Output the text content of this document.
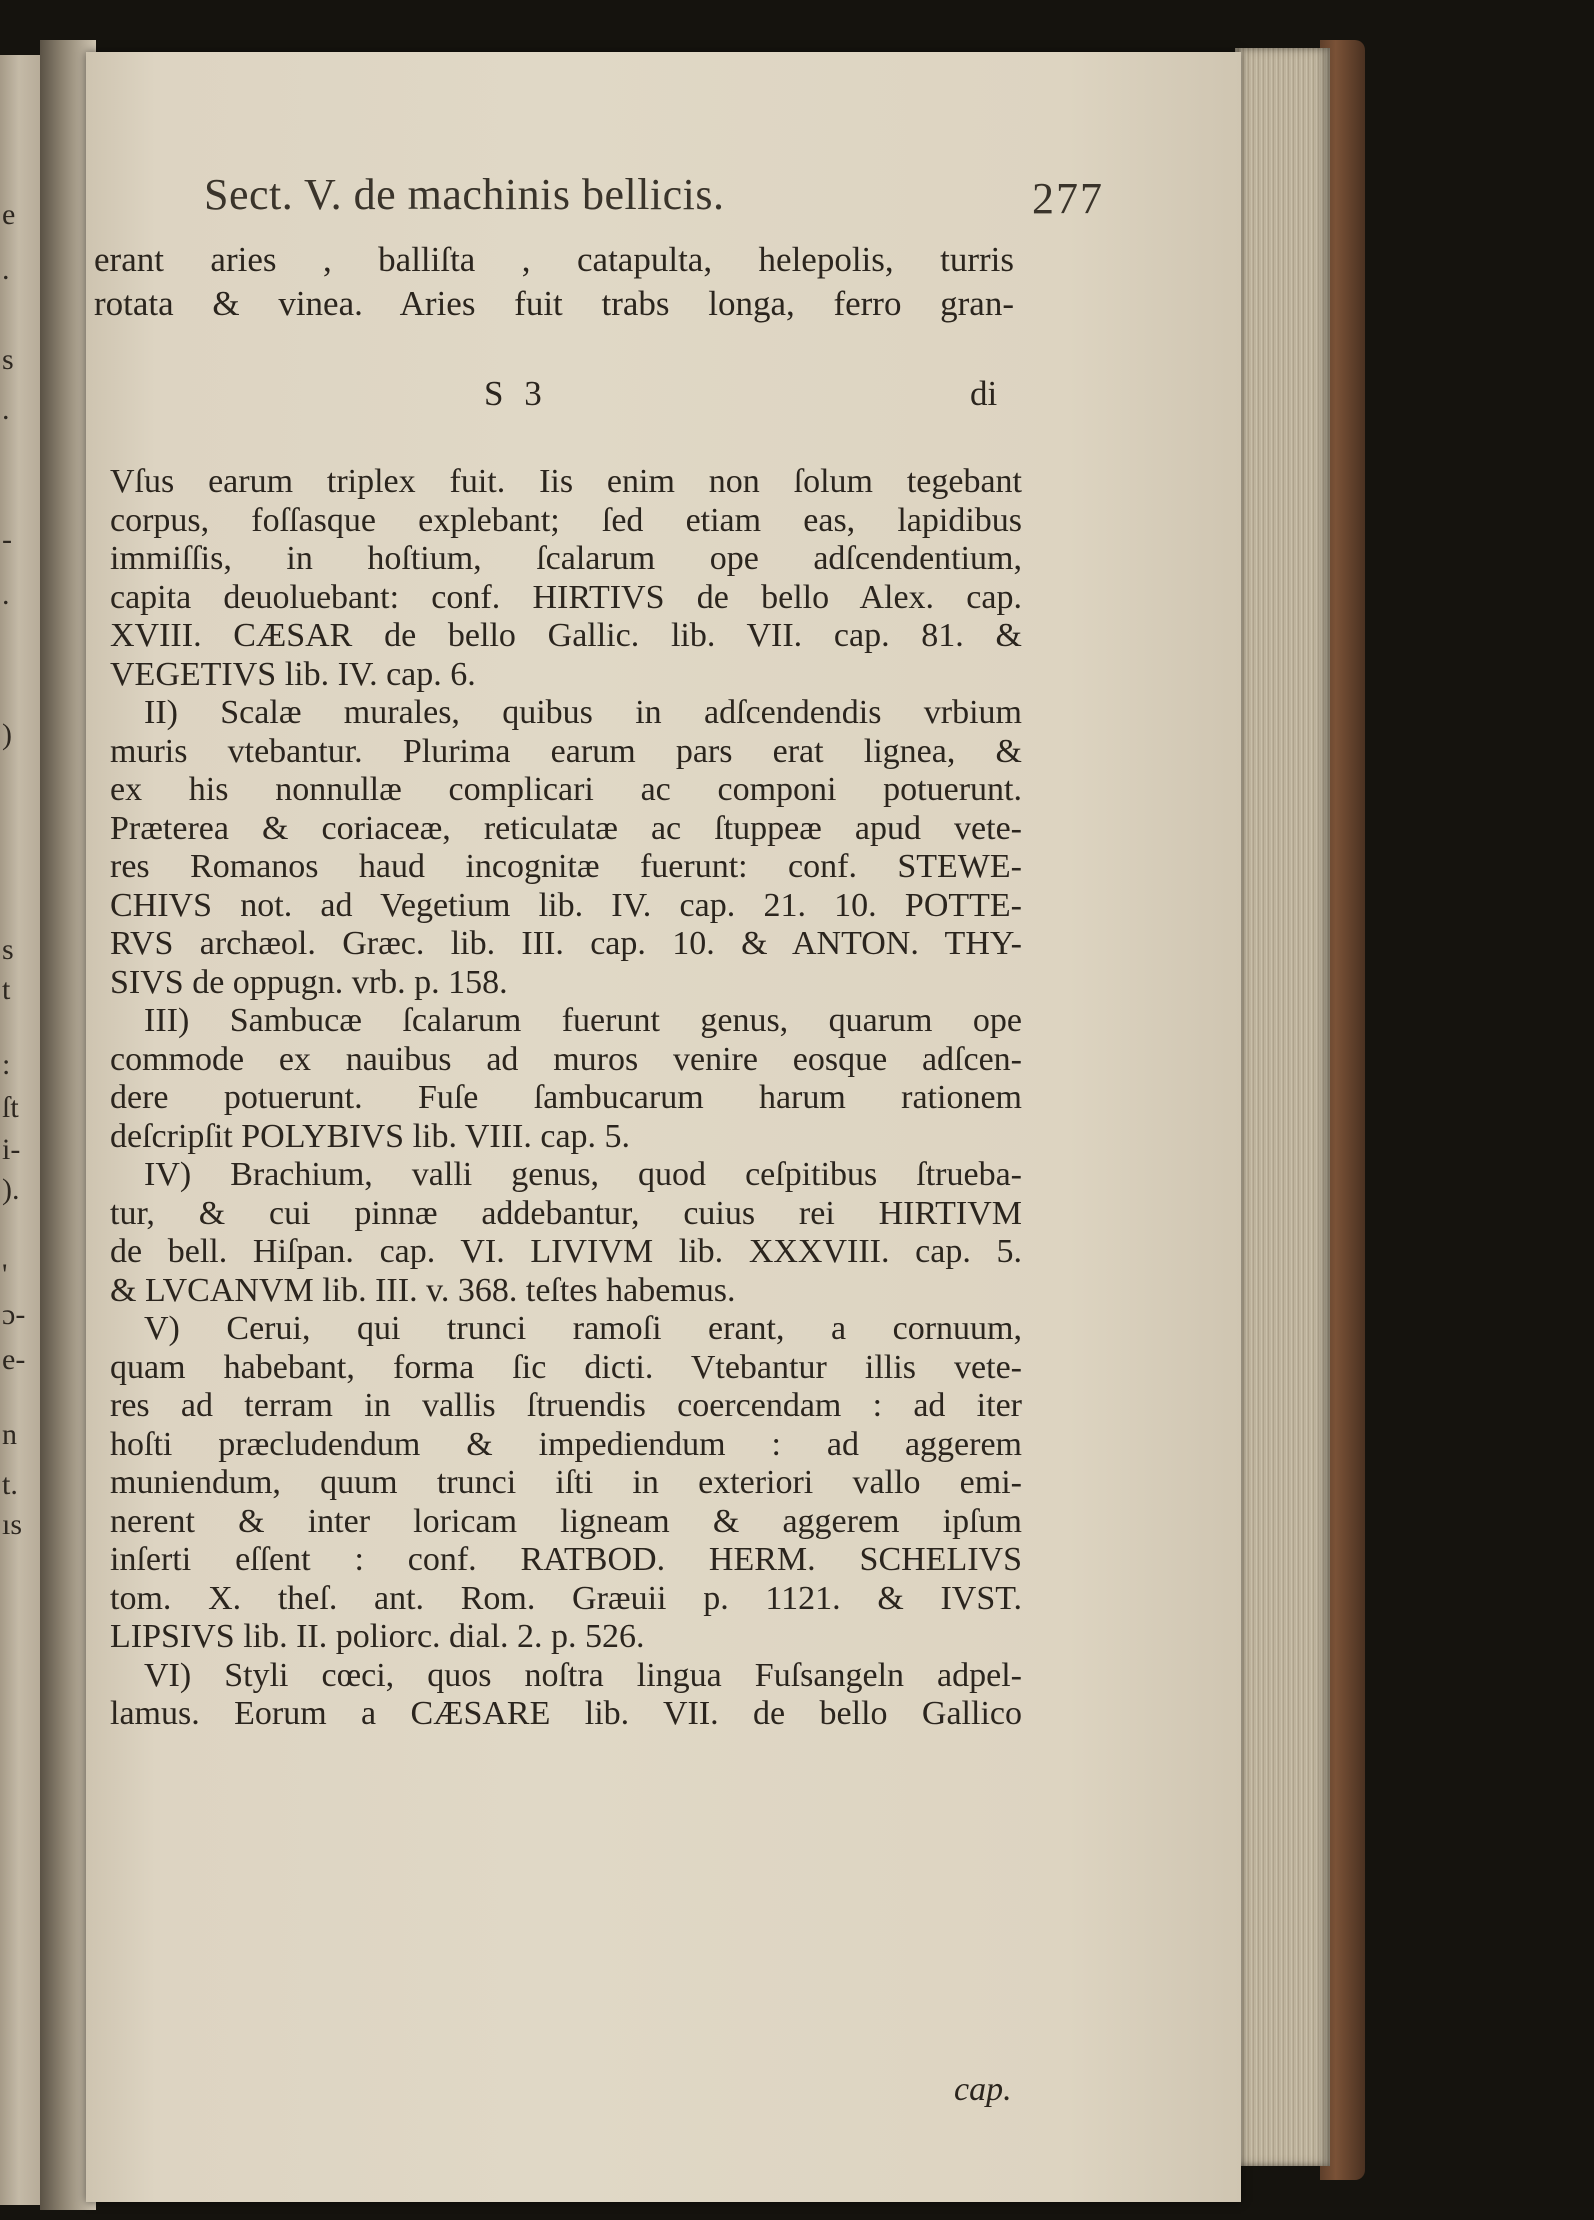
e
.
s
.
-
.
)
s
t
:
ſt
i-
).
'
ɔ-
e-
n
t.
ıs
Sect. V. de machinis bellicis.	277
erant aries , balliſta , catapulta, helepolis, turris
rotata & vinea. Aries fuit trabs longa, ferro gran-
S 3	di
Vſus earum triplex fuit. Iis enim non ſolum tegebant
corpus, foſſasque explebant; ſed etiam eas, lapidibus
immiſſis, in hoſtium, ſcalarum ope adſcendentium,
capita deuoluebant: conf. HIRTIVS de bello Alex. cap.
XVIII. CÆSAR de bello Gallic. lib. VII. cap. 81. &
VEGETIVS lib. IV. cap. 6.
II) Scalæ murales, quibus in adſcendendis vrbium
muris vtebantur. Plurima earum pars erat lignea, &
ex his nonnullæ complicari ac componi potuerunt.
Præterea & coriaceæ, reticulatæ ac ſtuppeæ apud vete-
res Romanos haud incognitæ fuerunt: conf. STEWE-
CHIVS not. ad Vegetium lib. IV. cap. 21. 10. POTTE-
RVS archæol. Græc. lib. III. cap. 10. & ANTON. THY-
SIVS de oppugn. vrb. p. 158.
III) Sambucæ ſcalarum fuerunt genus, quarum ope
commode ex nauibus ad muros venire eosque adſcen-
dere potuerunt. Fuſe ſambucarum harum rationem
deſcripſit POLYBIVS lib. VIII. cap. 5.
IV) Brachium, valli genus, quod ceſpitibus ſtrueba-
tur, & cui pinnæ addebantur, cuius rei HIRTIVM
de bell. Hiſpan. cap. VI. LIVIVM lib. XXXVIII. cap. 5.
& LVCANVM lib. III. v. 368. teſtes habemus.
V) Cerui, qui trunci ramoſi erant, a cornuum,
quam habebant, forma ſic dicti. Vtebantur illis vete-
res ad terram in vallis ſtruendis coercendam : ad iter
hoſti præcludendum & impediendum : ad aggerem
muniendum, quum trunci iſti in exteriori vallo emi-
nerent & inter loricam ligneam & aggerem ipſum
inſerti eſſent : conf. RATBOD. HERM. SCHELIVS
tom. X. theſ. ant. Rom. Græuii p. 1121. & IVST.
LIPSIVS lib. II. poliorc. dial. 2. p. 526.
VI) Styli cœci, quos noſtra lingua Fuſsangeln adpel-
lamus. Eorum a CÆSARE lib. VII. de bello Gallico
cap.
